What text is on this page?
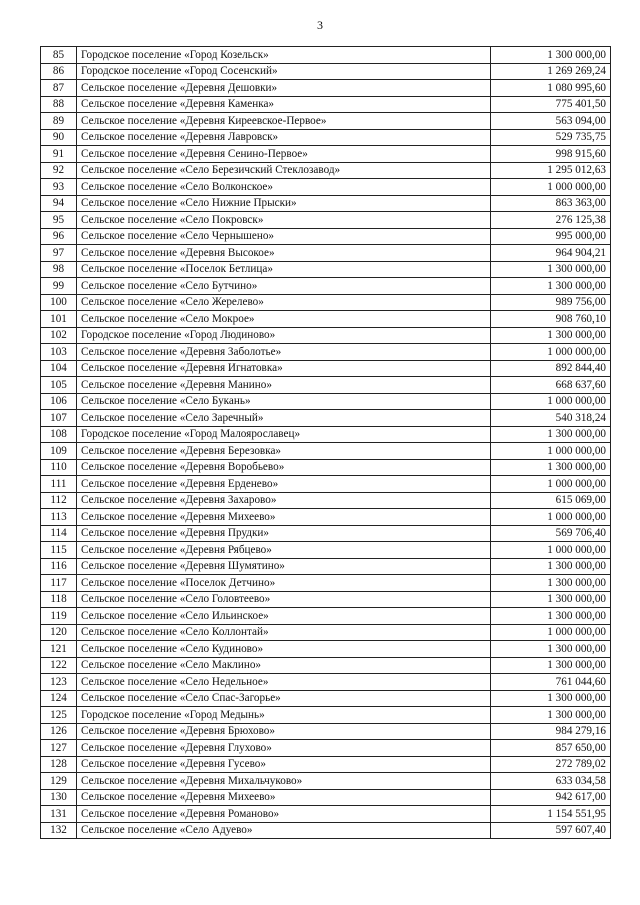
3
85	Городское поселение «Город Козельск»	1 300 000,00
86	Городское поселение «Город Сосенский»	1 269 269,24
87	Сельское поселение «Деревня Дешовки»	1 080 995,60
88	Сельское поселение «Деревня Каменка»	775 401,50
89	Сельское поселение «Деревня Киреевское-Первое»	563 094,00
90	Сельское поселение «Деревня Лавровск»	529 735,75
91	Сельское поселение «Деревня Сенино-Первое»	998 915,60
92	Сельское поселение «Село Березичский Стеклозавод»	1 295 012,63
93	Сельское поселение «Село Волконское»	1 000 000,00
94	Сельское поселение «Село Нижние Прыски»	863 363,00
95	Сельское поселение «Село Покровск»	276 125,38
96	Сельское поселение «Село Чернышено»	995 000,00
97	Сельское поселение «Деревня Высокое»	964 904,21
98	Сельское поселение «Поселок Бетлица»	1 300 000,00
99	Сельское поселение «Село Бутчино»	1 300 000,00
100	Сельское поселение «Село Жерелево»	989 756,00
101	Сельское поселение «Село Мокрое»	908 760,10
102	Городское поселение «Город Людиново»	1 300 000,00
103	Сельское поселение «Деревня Заболотье»	1 000 000,00
104	Сельское поселение «Деревня Игнатовка»	892 844,40
105	Сельское поселение «Деревня Манино»	668 637,60
106	Сельское поселение «Село Букань»	1 000 000,00
107	Сельское поселение «Село Заречный»	540 318,24
108	Городское поселение «Город Малоярославец»	1 300 000,00
109	Сельское поселение «Деревня Березовка»	1 000 000,00
110	Сельское поселение «Деревня Воробьево»	1 300 000,00
111	Сельское поселение «Деревня Ерденево»	1 000 000,00
112	Сельское поселение «Деревня Захарово»	615 069,00
113	Сельское поселение «Деревня Михеево»	1 000 000,00
114	Сельское поселение «Деревня Прудки»	569 706,40
115	Сельское поселение «Деревня Рябцево»	1 000 000,00
116	Сельское поселение «Деревня Шумятино»	1 300 000,00
117	Сельское поселение «Поселок Детчино»	1 300 000,00
118	Сельское поселение «Село Головтеево»	1 300 000,00
119	Сельское поселение «Село Ильинское»	1 300 000,00
120	Сельское поселение «Село Коллонтай»	1 000 000,00
121	Сельское поселение «Село Кудиново»	1 300 000,00
122	Сельское поселение «Село Маклино»	1 300 000,00
123	Сельское поселение «Село Недельное»	761 044,60
124	Сельское поселение «Село Спас-Загорье»	1 300 000,00
125	Городское поселение «Город Медынь»	1 300 000,00
126	Сельское поселение «Деревня Брюхово»	984 279,16
127	Сельское поселение «Деревня Глухово»	857 650,00
128	Сельское поселение «Деревня Гусево»	272 789,02
129	Сельское поселение «Деревня Михальчуково»	633 034,58
130	Сельское поселение «Деревня Михеево»	942 617,00
131	Сельское поселение «Деревня Романово»	1 154 551,95
132	Сельское поселение «Село Адуево»	597 607,40
